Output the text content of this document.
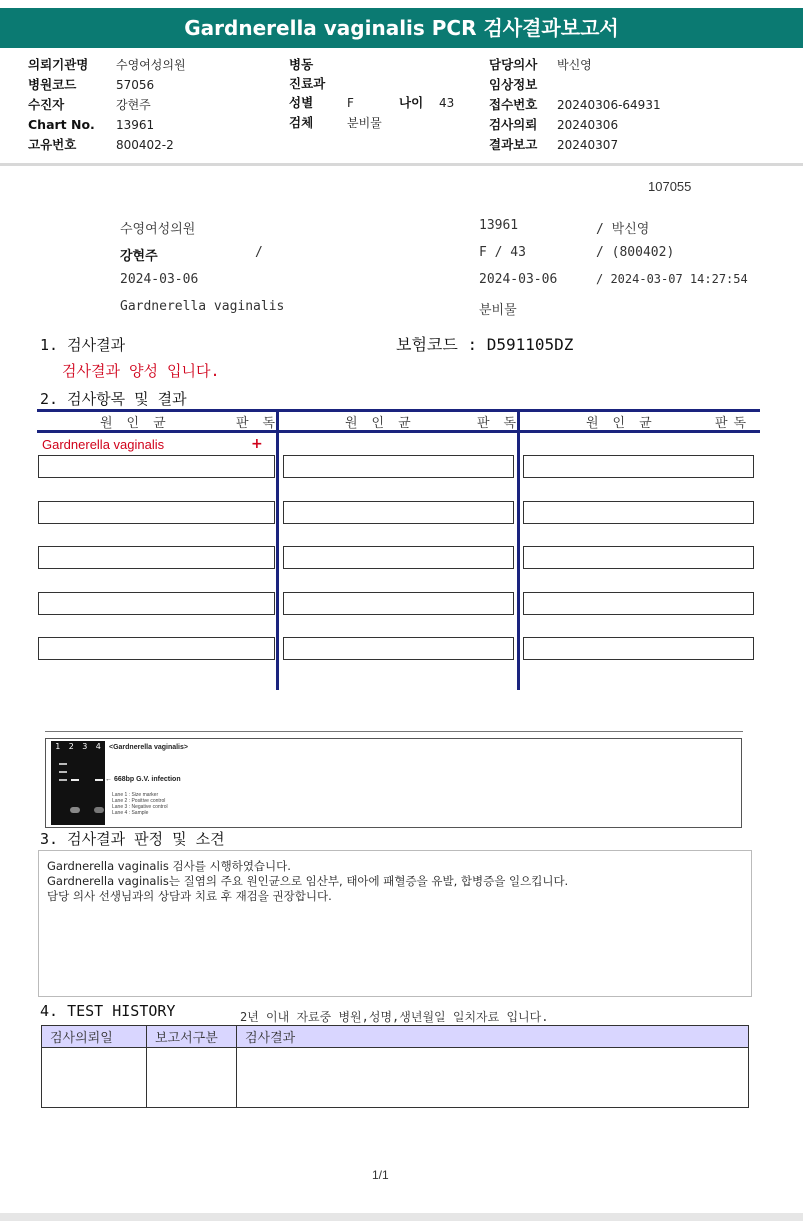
Gardnerella vaginalis PCR 검사결과보고서
의뢰기관명 수영여성의원
병원코드	57056
수진자	강현주
Chart No. 13961
고유번호	800402-2
병동
진료과
성별	F	나이 43
검체	분비물
담당의사 박신영
임상정보
접수번호 20240306-64931
검사의뢰 20240306
결과보고 20240307
107055
수영여성의원	13961	/ 박신영
강현주	/	F / 43	/ (800402)
2024-03-06	2024-03-06	/ 2024-03-07 14:27:54
Gardnerella vaginalis	분비물
1. 검사결과	보험코드 : D591105DZ
검사결과 양성 입니다.
2. 검사항목 및 결과
원인균	판독	원인균	판독	원인균	판독
Gardnerella vaginalis	+
1 2 3 4 <Gardnerella vaginalis>
← 668bp G.V. infection
Lane 1 : Size marker
Lane 2 : Positive control
Lane 3 : Negative control
Lane 4 : Sample
3. 검사결과 판정 및 소견
Gardnerella vaginalis 검사를 시행하였습니다.
Gardnerella vaginalis는 질염의 주요 원인균으로 임산부, 태아에 패혈증을 유발, 합병증을 일으킵니다.
담당 의사 선생님과의 상담과 치료 후 재검을 권장합니다.
4. TEST HISTORY	2년 이내 자료중 병원,성명,생년월일 일치자료 입니다.
검사의뢰일	보고서구분	검사결과

1/1
